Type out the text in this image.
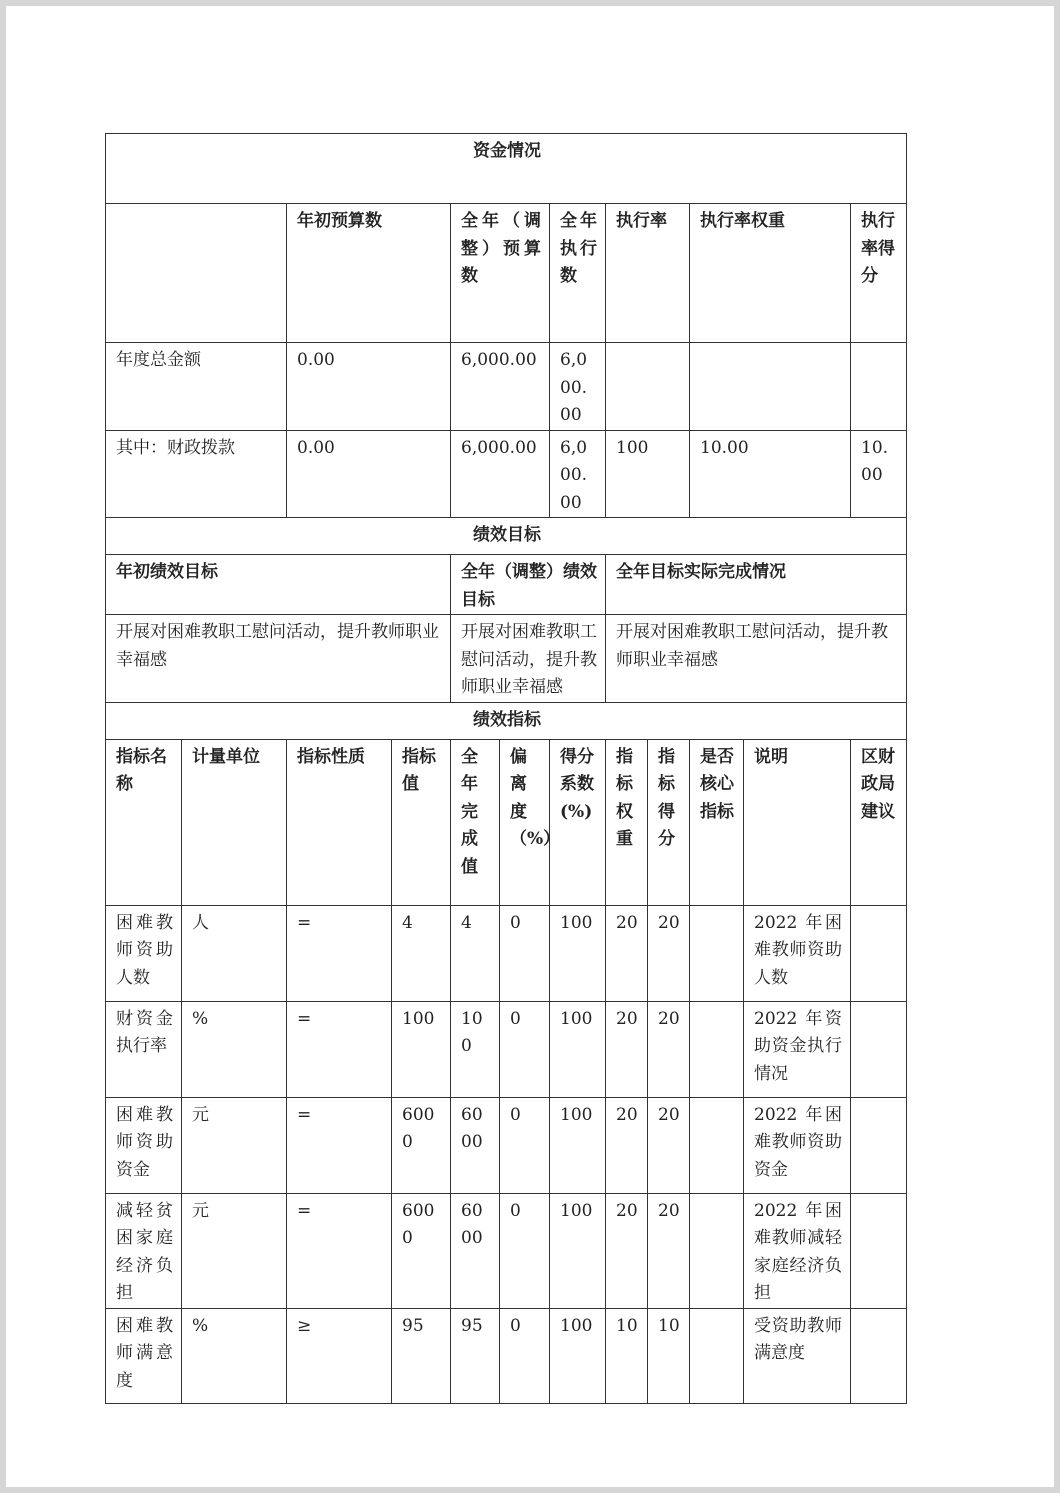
资金情况											
		年初预算数		全年（调整）预算数		全年执行数	执行率		执行率权重		执行率得分
年度总金额		0.00		6,000.00		6,000.00					
其中：财政拨款		0.00		6,000.00		6,000.00	100		10.00		10.00
绩效目标											
年初绩效目标				全年（调整）绩效目标			全年目标实际完成情况				
开展对困难教职工慰问活动，提升教师职业幸福感				开展对困难教职工慰问活动，提升教师职业幸福感			开展对困难教职工慰问活动，提升教师职业幸福感				
绩效指标											
指标名称	计量单位	指标性质	指标值	全年完成值	偏离度（%）	得分系数(%)	指标权重	指标得分	是否核心指标	说明	区财政局建议
困难教师资助人数	人	=	4	4	0	100	20	20		2022 年困难教师资助人数	
财资金执行率	%	=	100	100	0	100	20	20		2022 年资助资金执行情况	
困难教师资助资金	元	=	6000	6000	0	100	20	20		2022 年困难教师资助资金	
减轻贫困家庭经济负担	元	=	6000	6000	0	100	20	20		2022 年困难教师减轻家庭经济负担	
困难教师满意度	%	≥	95	95	0	100	10	10		受资助教师满意度	
